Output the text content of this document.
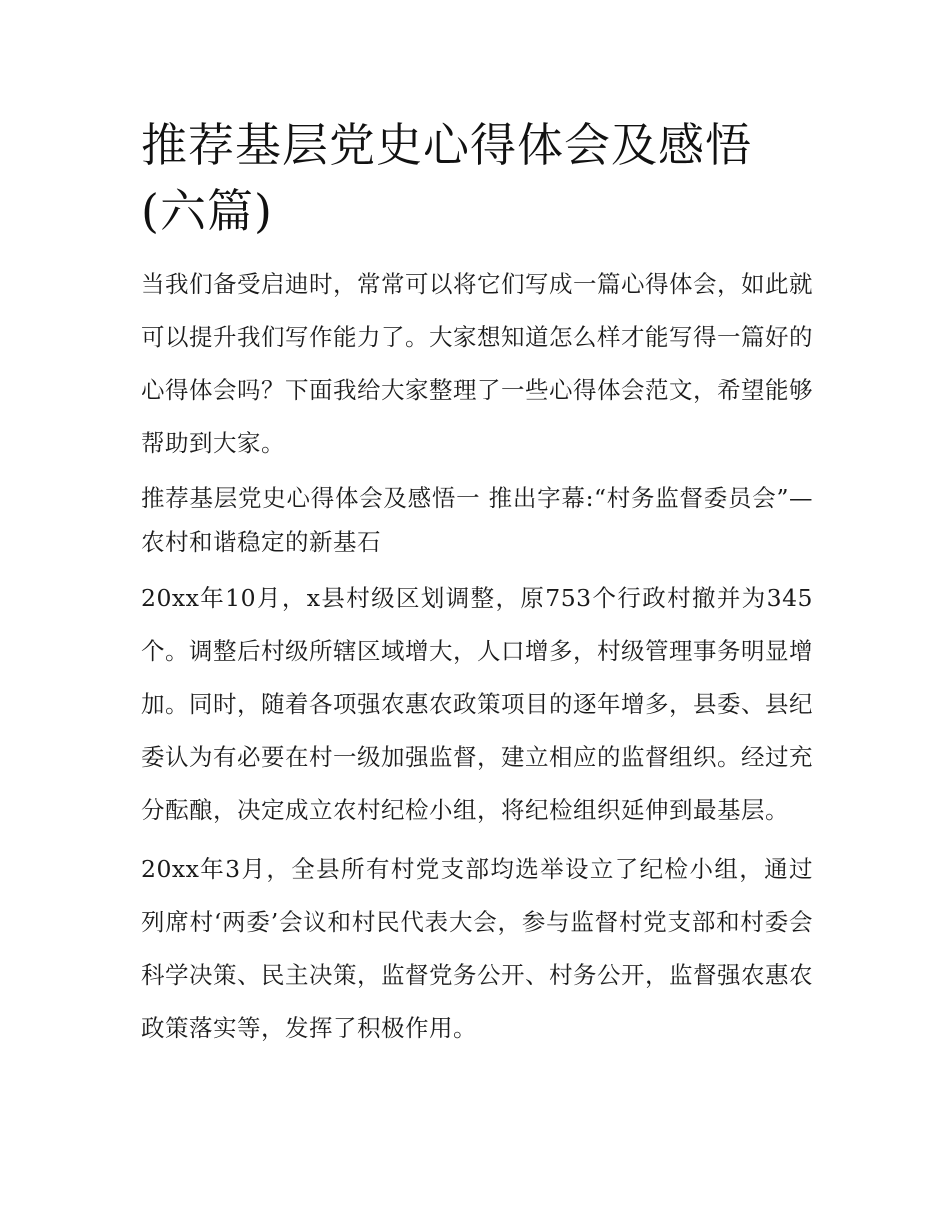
推荐基层党史心得体会及感悟(六篇)

当我们备受启迪时，常常可以将它们写成一篇心得体会，如此就可以提升我们写作能力了。大家想知道怎么样才能写得一篇好的心得体会吗？下面我给大家整理了一些心得体会范文，希望能够帮助到大家。

推荐基层党史心得体会及感悟一 推出字幕:“村务监督委员会”—农村和谐稳定的新基石

20xx年10月，x县村级区划调整，原753个行政村撤并为345个。调整后村级所辖区域增大，人口增多，村级管理事务明显增加。同时，随着各项强农惠农政策项目的逐年增多，县委、县纪委认为有必要在村一级加强监督，建立相应的监督组织。经过充分酝酿，决定成立农村纪检小组，将纪检组织延伸到最基层。

20xx年3月，全县所有村党支部均选举设立了纪检小组，通过列席村‘两委’会议和村民代表大会，参与监督村党支部和村委会科学决策、民主决策，监督党务公开、村务公开，监督强农惠农政策落实等，发挥了积极作用。
